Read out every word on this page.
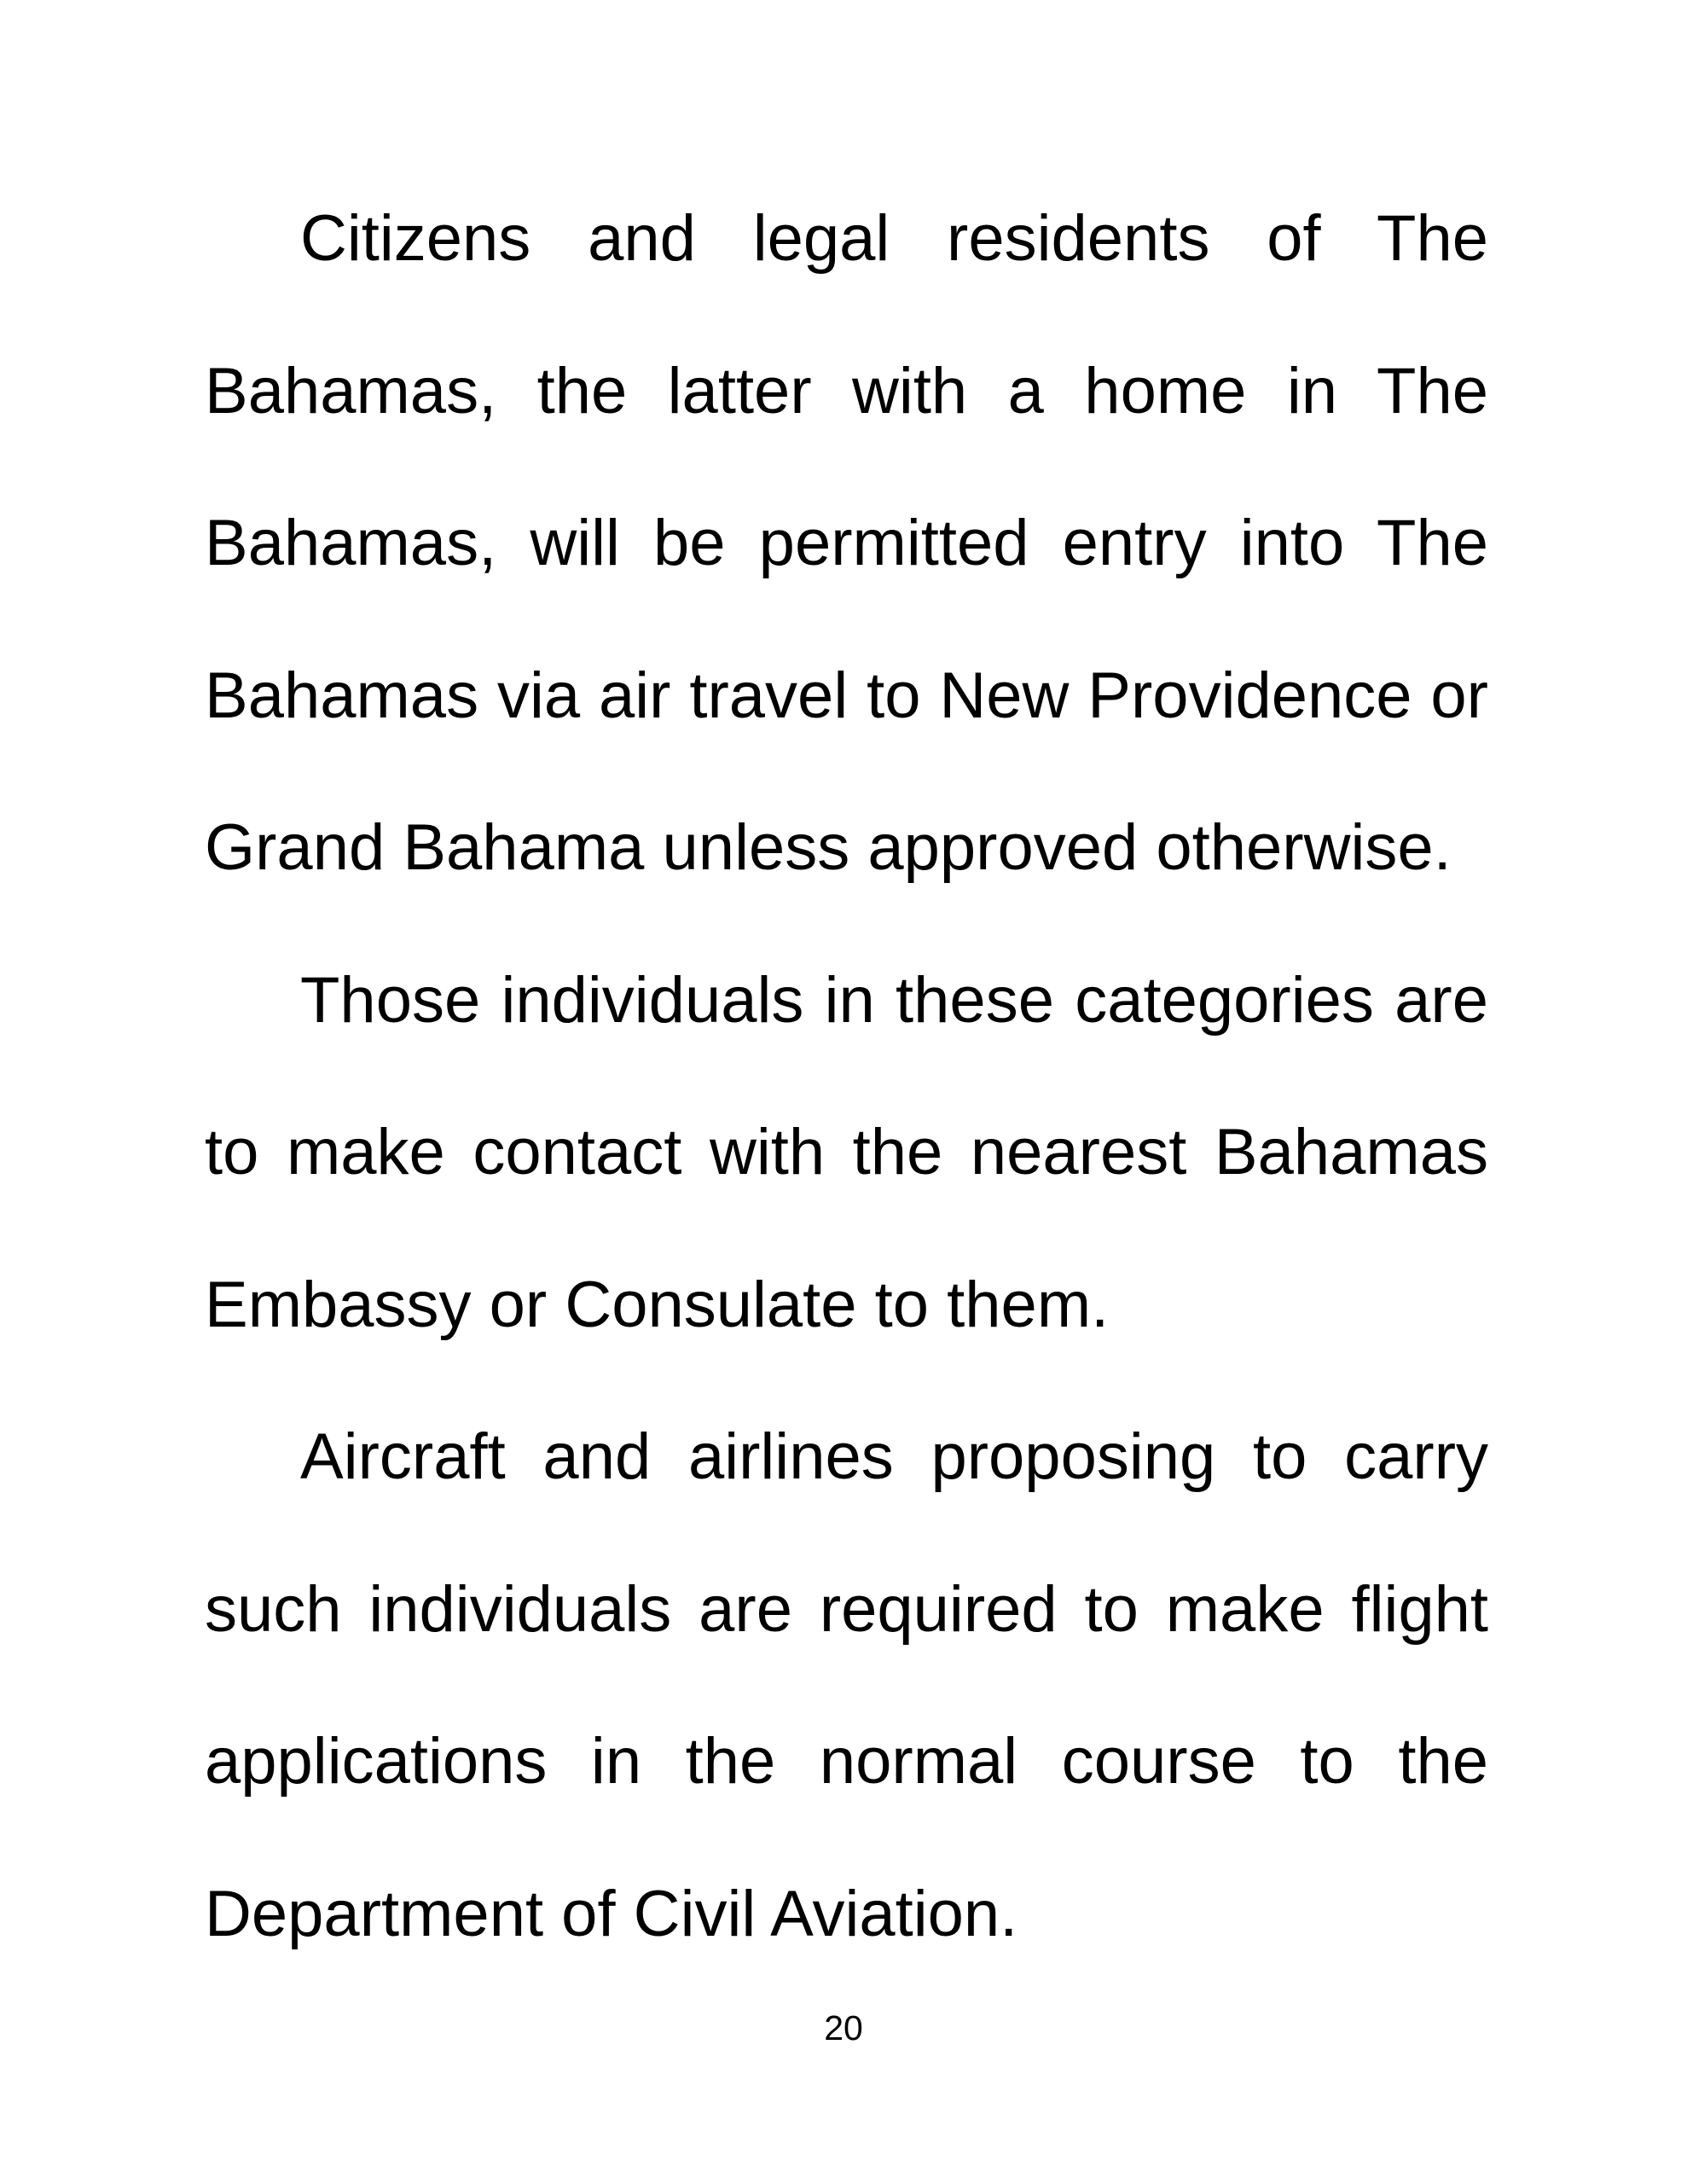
Citizens and legal residents of The
Bahamas, the latter with a home in The
Bahamas, will be permitted entry into The
Bahamas via air travel to New Providence or
Grand Bahama unless approved otherwise.
Those individuals in these categories are
to make contact with the nearest Bahamas
Embassy or Consulate to them.
Aircraft and airlines proposing to carry
such individuals are required to make flight
applications in the normal course to the
Department of Civil Aviation.
20
